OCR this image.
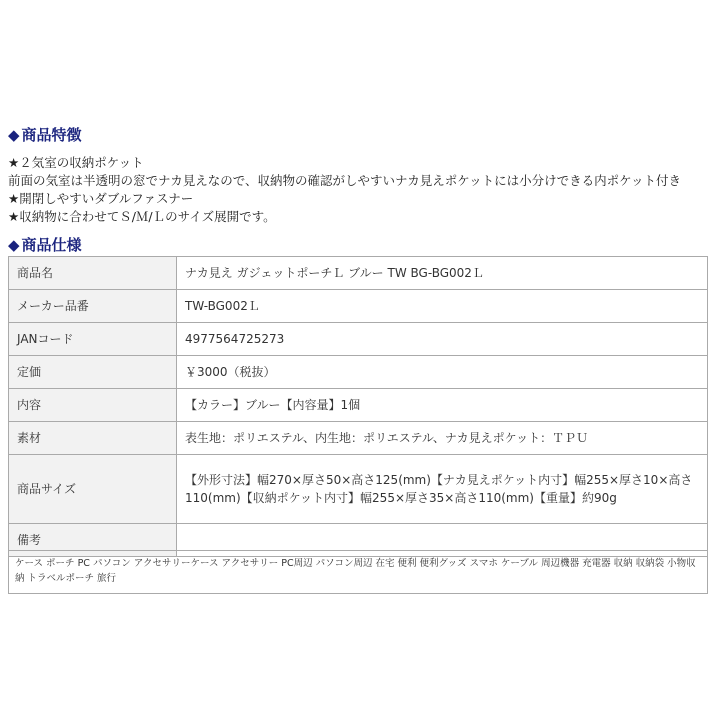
◆ 商品特徴
★２気室の収納ポケット
前面の気室は半透明の窓でナカ見えなので、収納物の確認がしやすいナカ見えポケットには小分けできる内ポケット付き
★開閉しやすいダブルファスナー
★収納物に合わせてＳ/Ｍ/Ｌのサイズ展開です。
◆ 商品仕様
商品名	ナカ見え ガジェットポーチＬ ブルー TW BG-BG002Ｌ
メーカー品番	TW-BG002Ｌ
JANコード	4977564725273
定価	￥3000（税抜）
内容	【カラー】ブルー【内容量】1個
素材	表生地：ポリエステル、内生地：ポリエステル、ナカ見えポケット：ＴＰＵ
商品サイズ	【外形寸法】幅270×厚さ50×高さ125(mm)【ナカ見えポケット内寸】幅255×厚さ10×高さ110(mm)【収納ポケット内寸】幅255×厚さ35×高さ110(mm)【重量】約90g
備考	
ケース ポーチ PC パソコン アクセサリーケース アクセサリー PC周辺 パソコン周辺 在宅 便利 便利グッズ スマホ ケーブル 周辺機器 充電器 収納 収納袋 小物収納 トラベルポーチ 旅行
